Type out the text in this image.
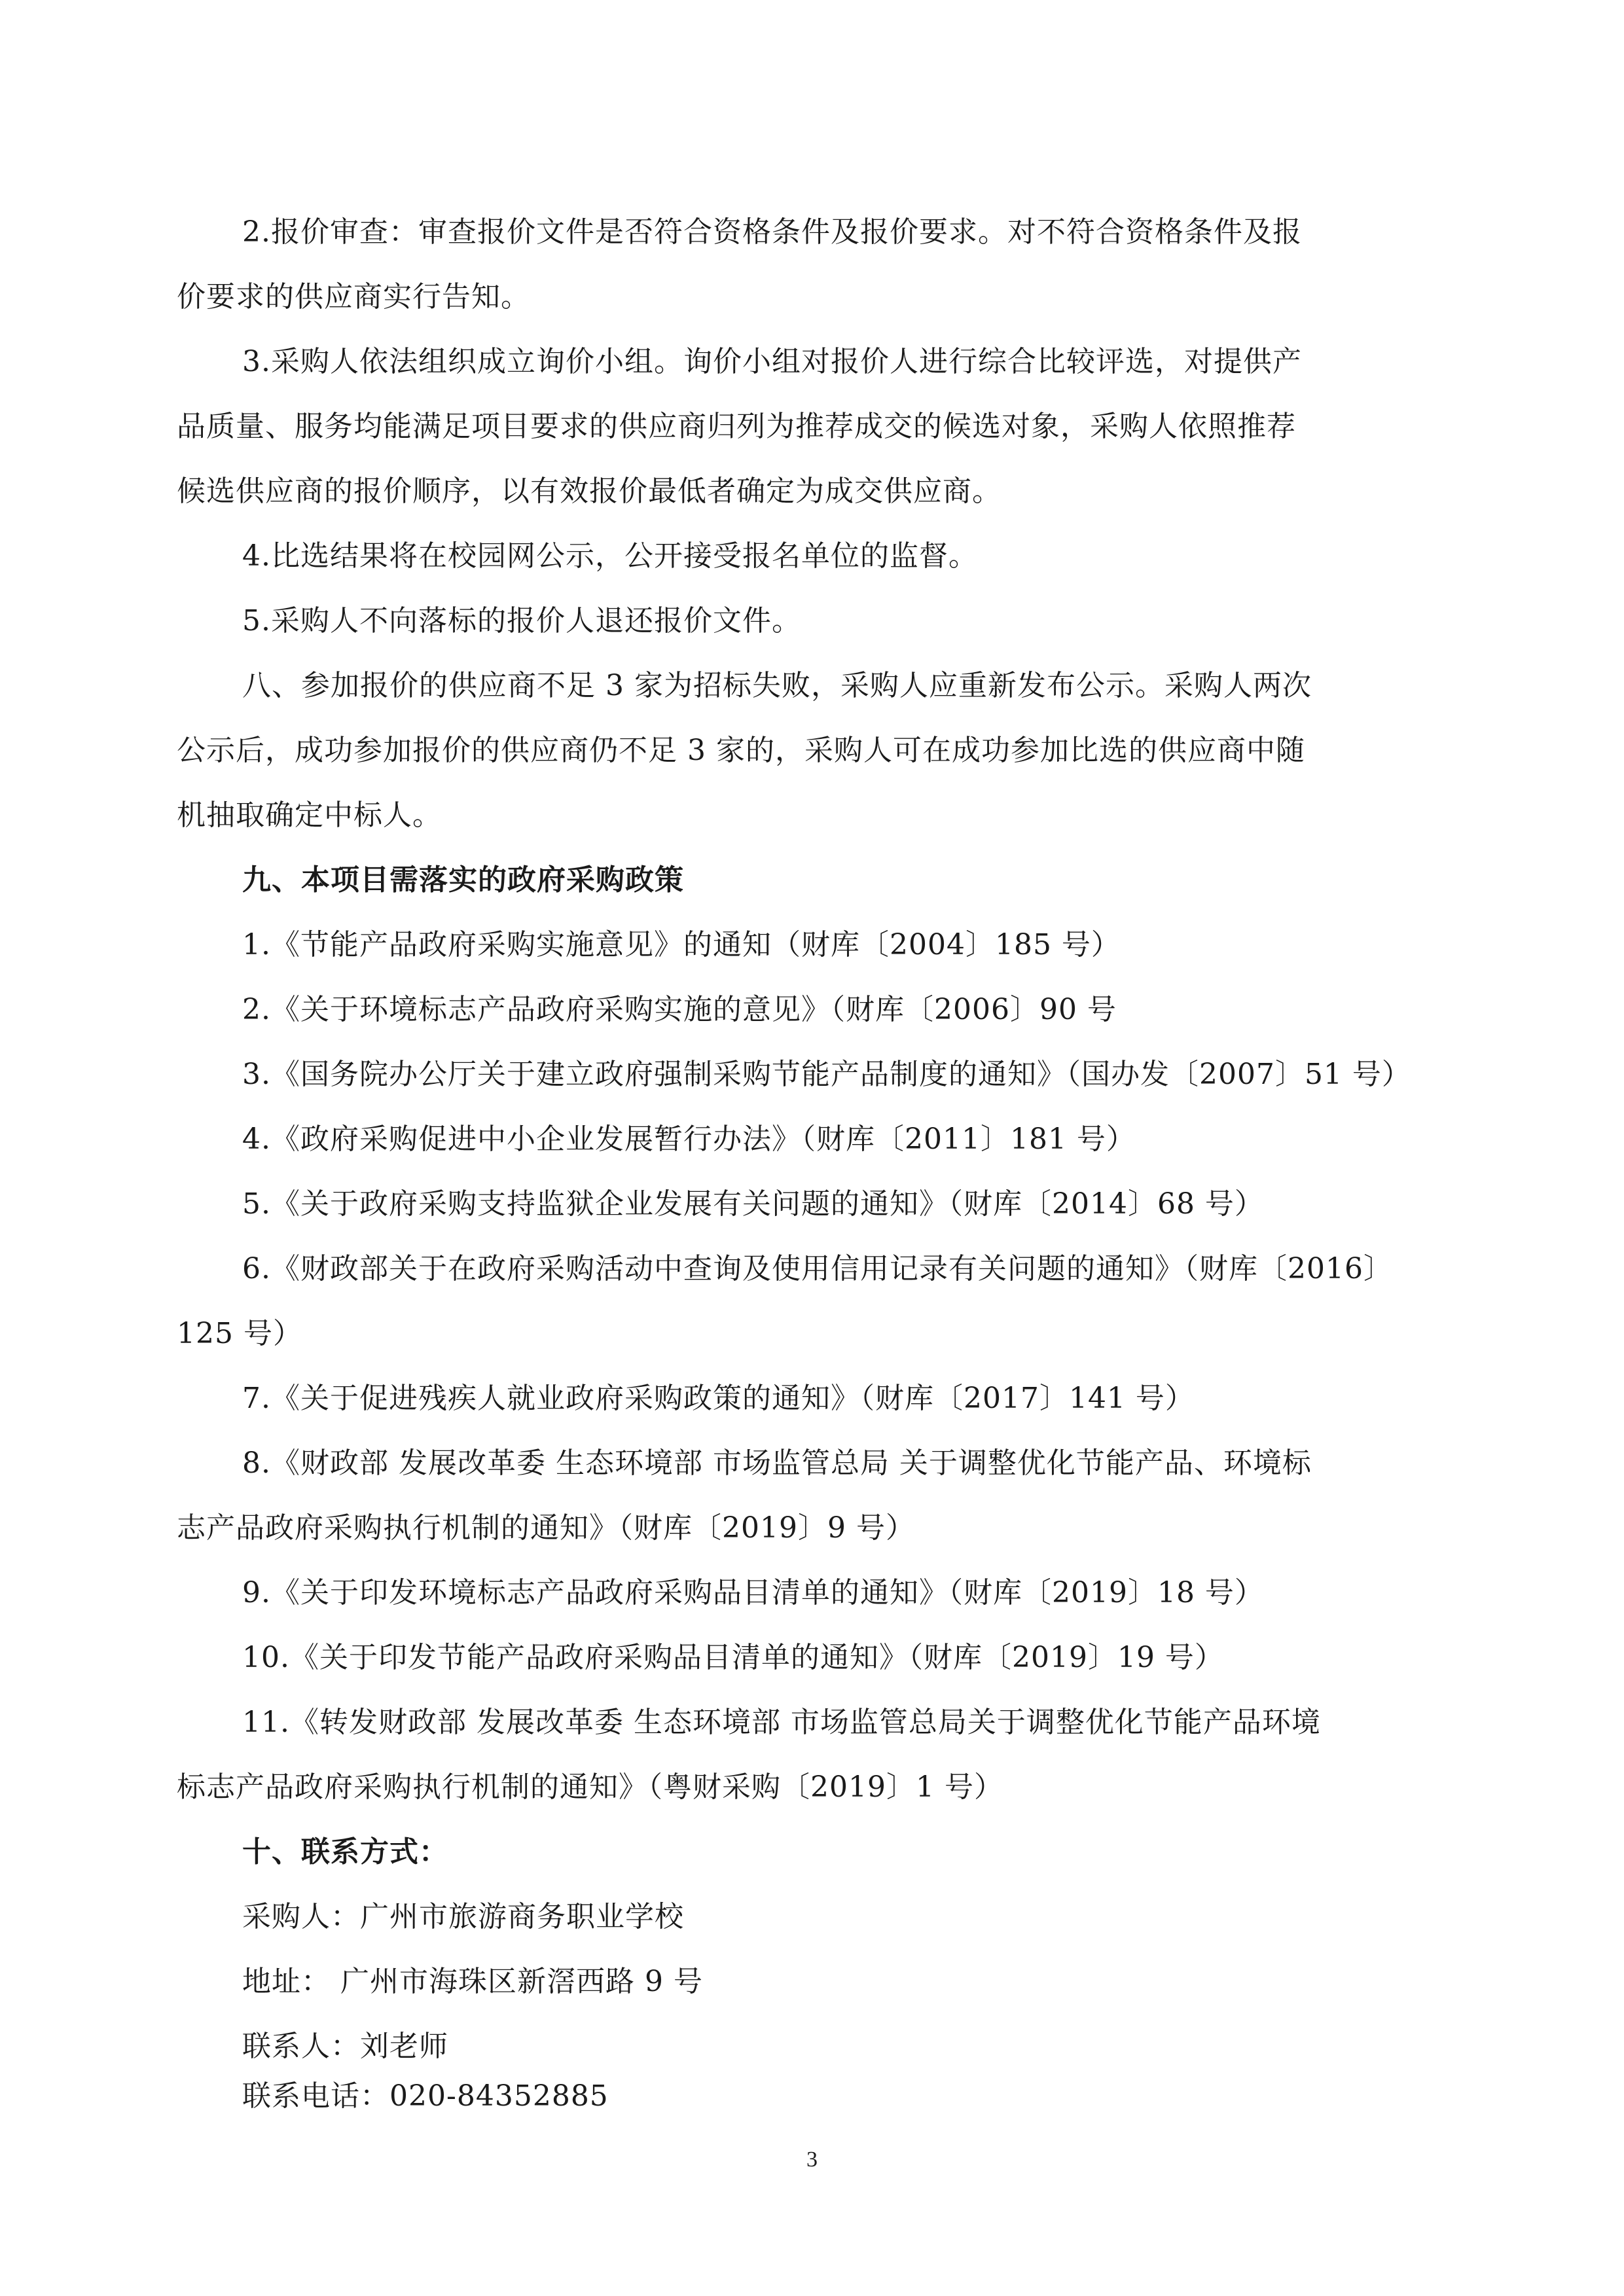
2.报价审查：审查报价文件是否符合资格条件及报价要求。对不符合资格条件及报
价要求的供应商实行告知。
3.采购人依法组织成立询价小组。询价小组对报价人进行综合比较评选，对提供产
品质量、服务均能满足项目要求的供应商归列为推荐成交的候选对象，采购人依照推荐
候选供应商的报价顺序，以有效报价最低者确定为成交供应商。
4.比选结果将在校园网公示，公开接受报名单位的监督。
5.采购人不向落标的报价人退还报价文件。
八、参加报价的供应商不足 3 家为招标失败，采购人应重新发布公示。采购人两次
公示后，成功参加报价的供应商仍不足 3 家的，采购人可在成功参加比选的供应商中随
机抽取确定中标人。
九、本项目需落实的政府采购政策
1.《节能产品政府采购实施意见》的通知（财库〔2004〕185 号）
2.《关于环境标志产品政府采购实施的意见》（财库〔2006〕90 号
3.《国务院办公厅关于建立政府强制采购节能产品制度的通知》（国办发〔2007〕51 号）
4.《政府采购促进中小企业发展暂行办法》（财库〔2011〕181 号）
5.《关于政府采购支持监狱企业发展有关问题的通知》（财库〔2014〕68 号）
6.《财政部关于在政府采购活动中查询及使用信用记录有关问题的通知》（财库〔2016〕
125 号）
7.《关于促进残疾人就业政府采购政策的通知》（财库〔2017〕141 号）
8.《财政部 发展改革委 生态环境部 市场监管总局 关于调整优化节能产品、环境标
志产品政府采购执行机制的通知》（财库〔2019〕9 号）
9.《关于印发环境标志产品政府采购品目清单的通知》（财库〔2019〕18 号）
10.《关于印发节能产品政府采购品目清单的通知》（财库〔2019〕19 号）
11.《转发财政部 发展改革委 生态环境部 市场监管总局关于调整优化节能产品环境
标志产品政府采购执行机制的通知》（粤财采购〔2019〕1 号）
十、联系方式：
采购人：广州市旅游商务职业学校
地址： 广州市海珠区新滘西路 9 号
联系人：刘老师
联系电话：020-84352885
3
